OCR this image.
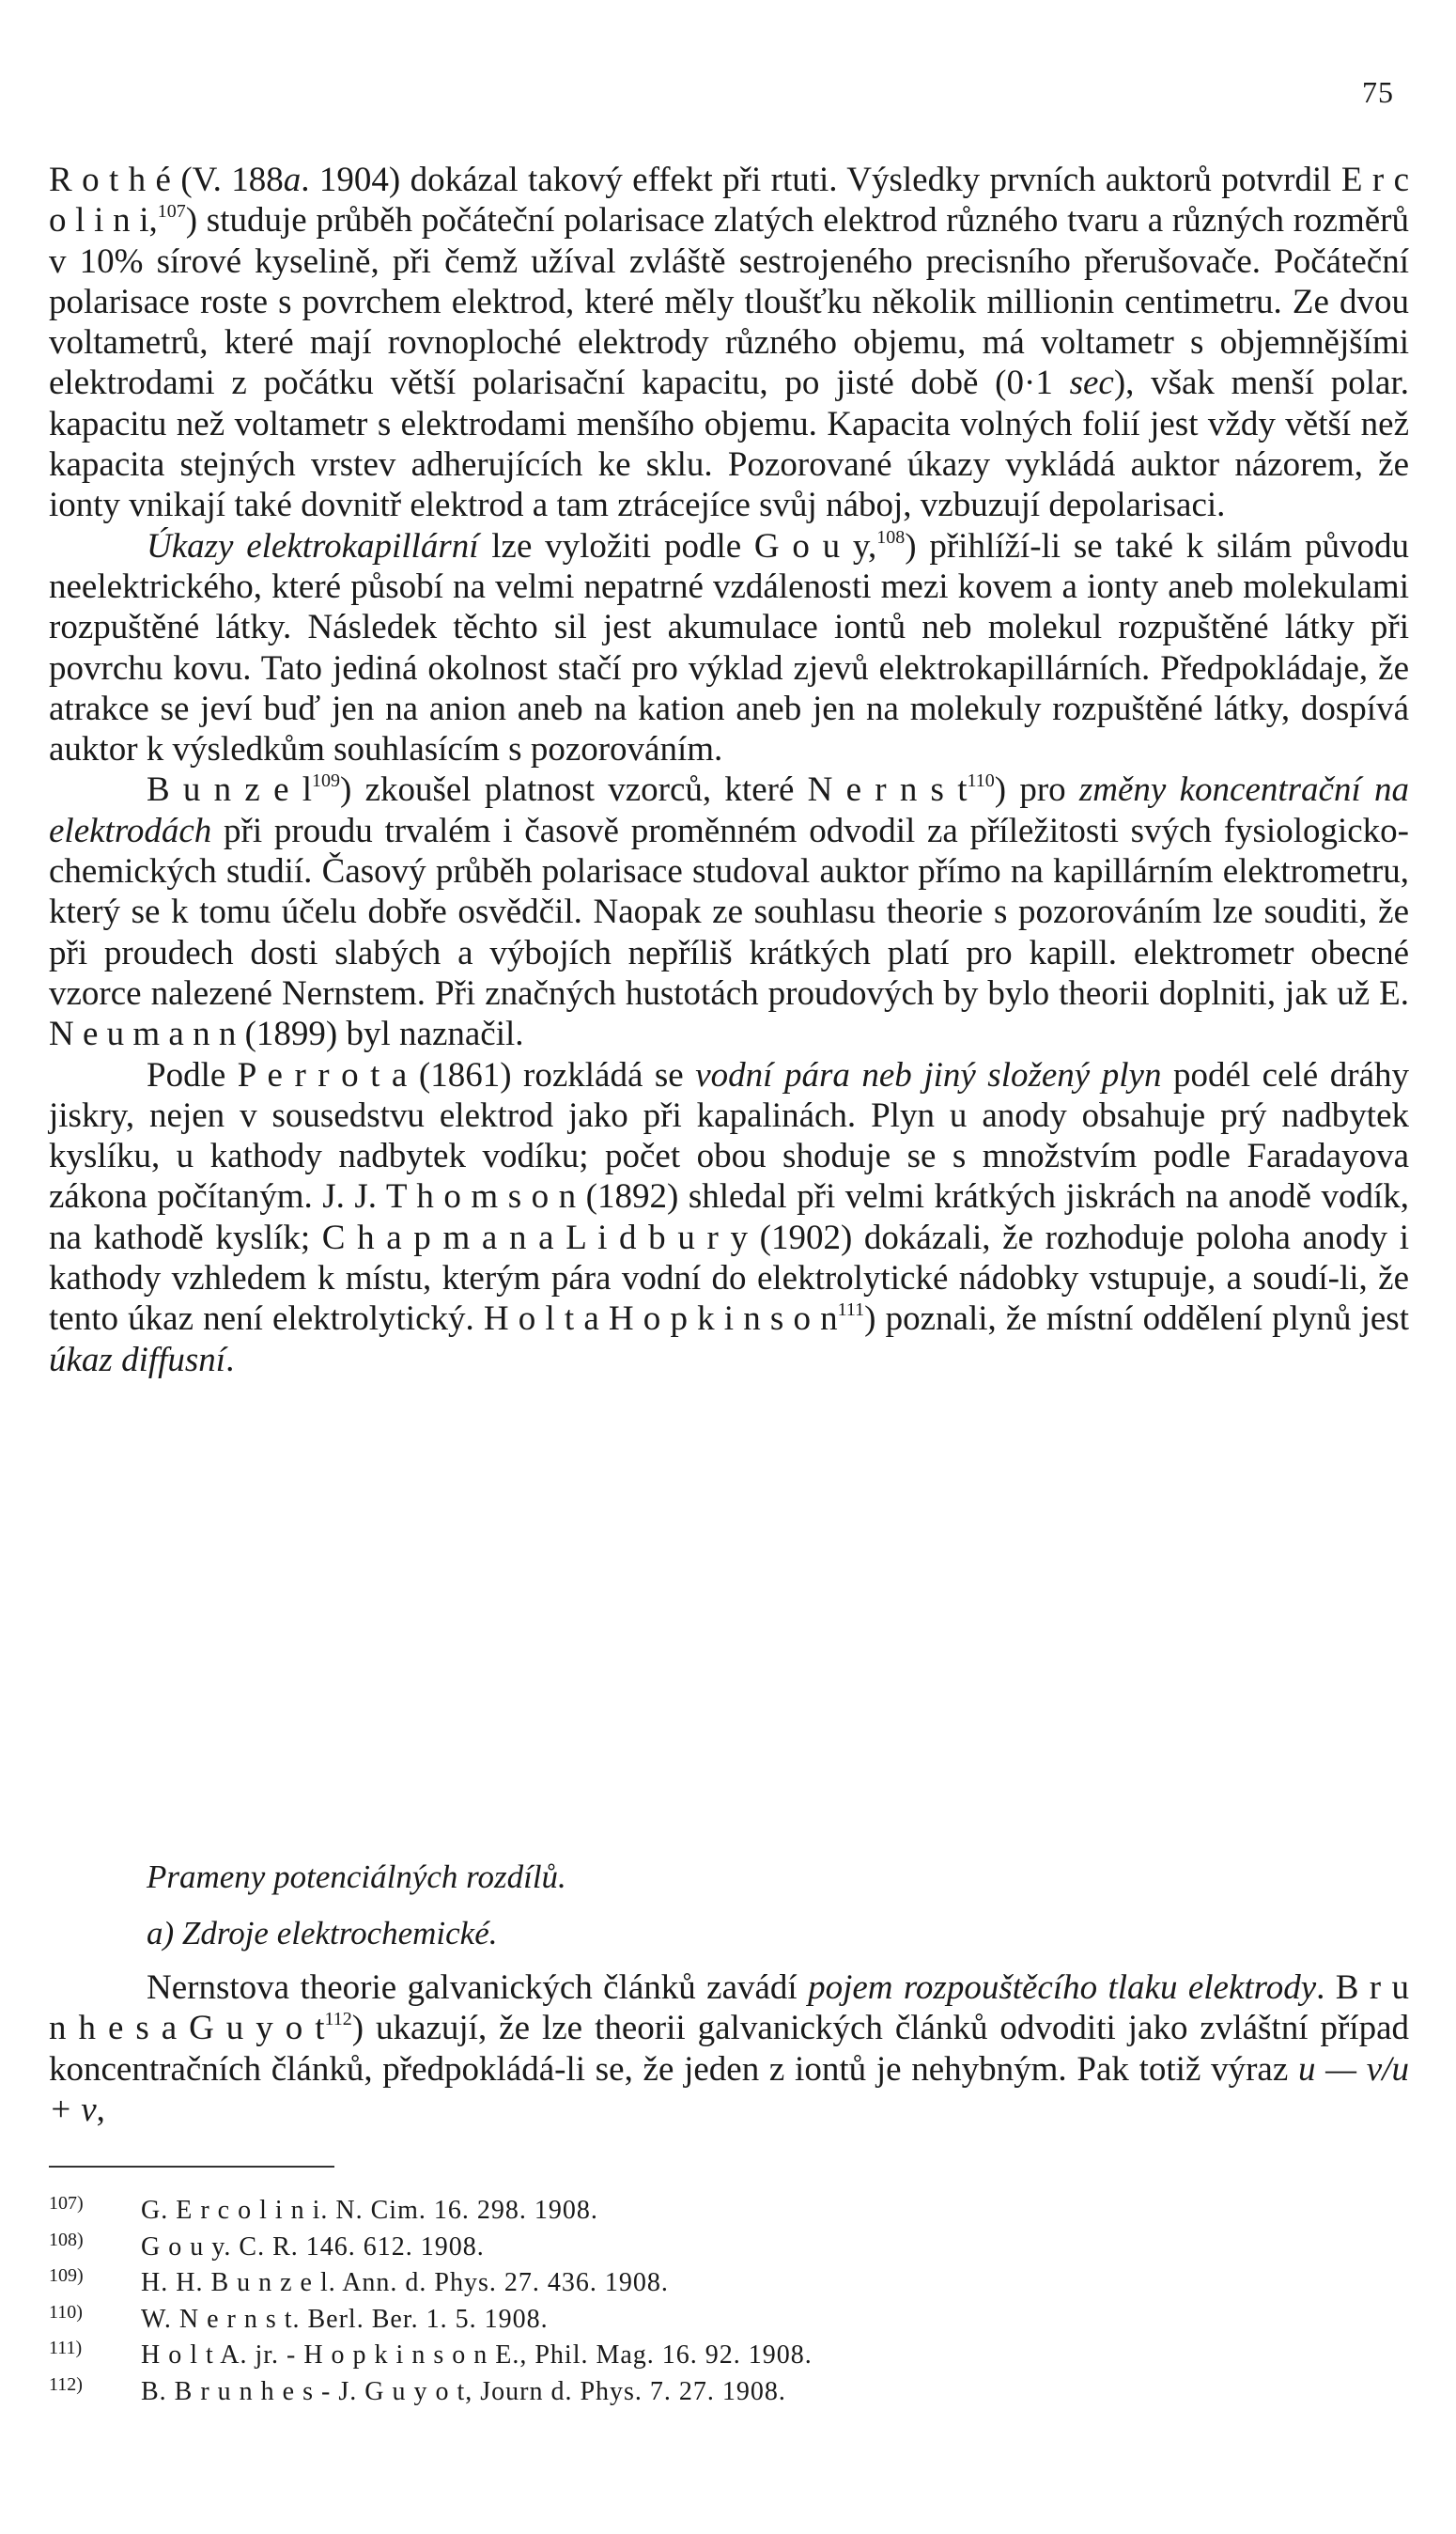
75

R o t h é (V. 188a. 1904) dokázal takový effekt při rtuti. Výsledky prvních auktorů potvrdil E r c o l i n i,$^{107}$) studuje průběh počáteční polarisace zlatých elektrod různého tvaru a různých rozměrů v 10% sírové kyselině, při čemž užíval zvláště sestrojeného precisního přerušovače. Počáteční polarisace roste s povrchem elektrod, které měly tloušťku několik millionin centimetru. Ze dvou voltametrů, které mají rovnoploché elektrody různého objemu, má voltametr s objemnějšími elektrodami z počátku větší polarisační kapacitu, po jisté době (0·1 sec), však menší polar. kapacitu než voltametr s elektrodami menšího objemu. Kapacita volných folií jest vždy větší než kapacita stejných vrstev adherujících ke sklu. Pozorované úkazy vykládá auktor názorem, že ionty vnikají také dovnitř elektrod a tam ztrácejíce svůj náboj, vzbuzují depolarisaci.

Úkazy elektrokapillární lze vyložiti podle G o u y,$^{108}$) přihlíží-li se také k silám původu neelektrického, které působí na velmi nepatrné vzdálenosti mezi kovem a ionty aneb molekulami rozpuštěné látky. Následek těchto sil jest akumulace iontů neb molekul rozpuštěné látky při povrchu kovu. Tato jediná okolnost stačí pro výklad zjevů elektrokapillárních. Předpokládaje, že atrakce se jeví buď jen na anion aneb na kation aneb jen na molekuly rozpuštěné látky, dospívá auktor k výsledkům souhlasícím s pozorováním.

B u n z e $l^{109}$) zkoušel platnost vzorců, které N e r n s $t^{110}$) pro změny koncentrační na elektrodách při proudu trvalém i časově proměnném odvodil za příležitosti svých fysiologicko-chemických studií. Časový průběh polarisace studoval auktor přímo na kapillárním elektrometru, který se k tomu účelu dobře osvědčil. Naopak ze souhlasu theorie s pozorováním lze souditi, že při proudech dosti slabých a výbojích nepříliš krátkých platí pro kapill. elektrometr obecné vzorce nalezené Nernstem. Při značných hustotách proudových by bylo theorii doplniti, jak už E. N e u m a n n (1899) byl naznačil.

Podle P e r r o t a (1861) rozkládá se vodní pára neb jiný složený plyn podél celé dráhy jiskry, nejen v sousedstvu elektrod jako při kapalinách. Plyn u anody obsahuje prý nadbytek kyslíku, u kathody nadbytek vodíku; počet obou shoduje se s množstvím podle Faradayova zákona počítaným. J. J. T h o m s o n (1892) shledal při velmi krátkých jiskrách na anodě vodík, na kathodě kyslík; C h a p m a n a L i d b u r y (1902) dokázali, že rozhoduje poloha anody i kathody vzhledem k místu, kterým pára vodní do elektrolytické nádobky vstupuje, a soudí-li, že tento úkaz není elektrolytický. H o l t a H o p k i n s o $n^{111}$) poznali, že místní oddělení plynů jest úkaz diffusní.

Prameny potenciálných rozdílů.
a) Zdroje elektrochemické.

Nernstova theorie galvanických článků zavádí pojem rozpouštěcího tlaku elektrody. B r u n h e s a G u y o $t^{112}$) ukazují, že lze theorii galvanických článků odvoditi jako zvláštní případ koncentračních článků, předpokládá-li se, že jeden z iontů je nehybným. Pak totiž výraz u — v/u + v,

107) G. E r c o l i n i. N. Cim. 16. 298. 1908.
108) G o u y. C. R. 146. 612. 1908.
109) H. H. B u n z e l. Ann. d. Phys. 27. 436. 1908.
110) W. N e r n s t. Berl. Ber. 1. 5. 1908.
111) H o l t A. jr. - H o p k i n s o n E., Phil. Mag. 16. 92. 1908.
112) B. B r u n h e s - J. G u y o t, Journ d. Phys. 7. 27. 1908.
